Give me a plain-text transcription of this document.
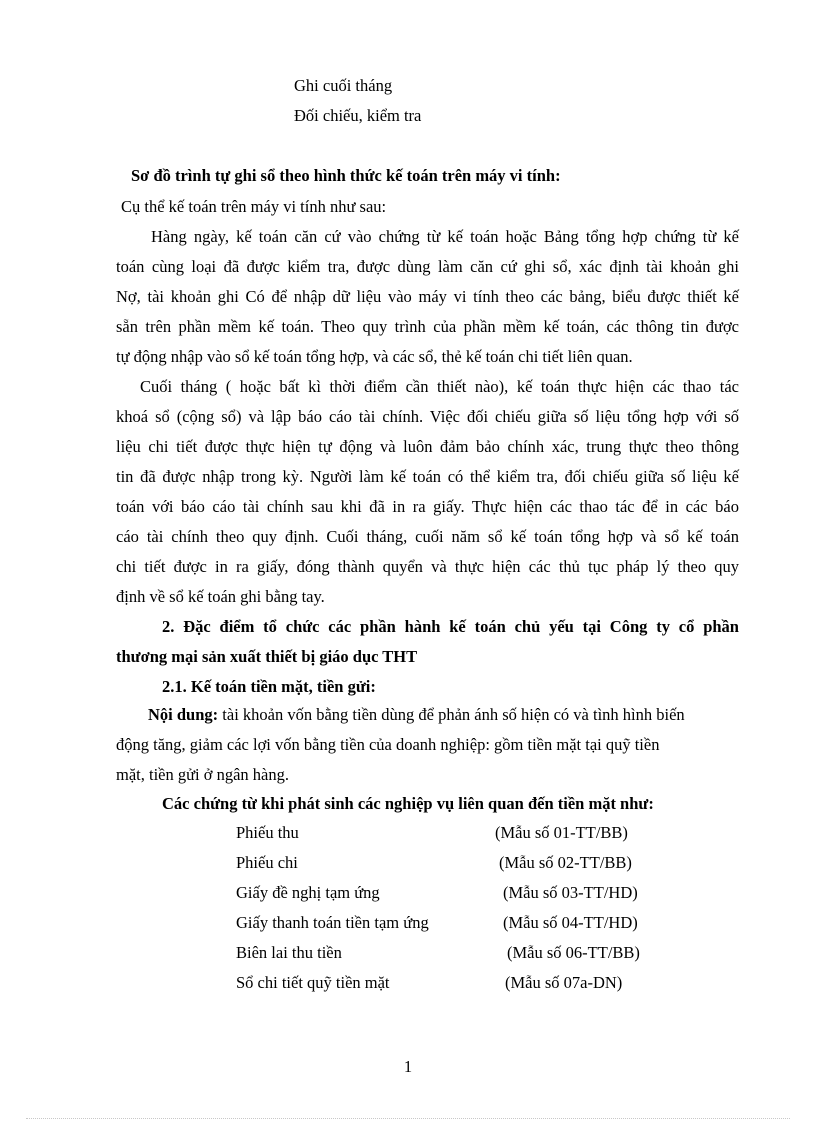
Ghi cuối tháng
Đối chiếu, kiểm tra
Sơ đồ trình tự ghi sổ theo hình thức kế toán trên máy vi tính:
Cụ thể kế toán trên máy vi tính như sau:
Hàng ngày, kế toán căn cứ vào chứng từ kế toán hoặc Bảng tổng hợp chứng từ kế
toán cùng loại đã được kiểm tra, được dùng làm căn cứ ghi sổ, xác định tài khoản ghi
Nợ, tài khoản ghi Có để nhập dữ liệu vào máy vi tính theo các bảng, biểu được thiết kế
sẵn trên phần mềm kế toán. Theo quy trình của phần mềm kế toán, các thông tin được
tự động nhập vào sổ kế toán tổng hợp, và các sổ, thẻ kế toán chi tiết liên quan.
Cuối tháng ( hoặc bất kì thời điểm cần thiết nào), kế toán thực hiện các thao tác
khoá sổ (cộng sổ) và lập báo cáo tài chính. Việc đối chiếu giữa số liệu tổng hợp với số
liệu chi tiết được thực hiện tự động và luôn đảm bảo chính xác, trung thực theo thông
tin đã được nhập trong kỳ. Người làm kế toán có thể kiểm tra, đối chiếu giữa số liệu kế
toán với báo cáo tài chính sau khi đã in ra giấy. Thực hiện các thao tác để in các báo
cáo tài chính theo quy định. Cuối tháng, cuối năm sổ kế toán tổng hợp và sổ kế toán
chi tiết được in ra giấy, đóng thành quyển và thực hiện các thủ tục pháp lý theo quy
định về sổ kế toán ghi bằng tay.
2. Đặc điểm tổ chức các phần hành kế toán chủ yếu tại Công ty cổ phần
thương mại sản xuất thiết bị giáo dục THT
2.1. Kế toán tiền mặt, tiền gửi:
Nội dung: tài khoản vốn bằng tiền dùng để phản ánh số hiện có và tình hình biến
động tăng, giảm các lợi vốn bằng tiền của doanh nghiệp: gồm tiền mặt tại quỹ tiền
mặt, tiền gửi ở ngân hàng.
Các chứng từ khi phát sinh các nghiệp vụ liên quan đến tiền mặt như:
Phiếu thu	(Mẫu số 01-TT/BB)
Phiếu chi	(Mẫu số 02-TT/BB)
Giấy đề nghị tạm ứng	(Mẫu số 03-TT/HD)
Giấy thanh toán tiền tạm ứng	(Mẫu số 04-TT/HD)
Biên lai thu tiền	(Mẫu số 06-TT/BB)
Sổ chi tiết quỹ tiền mặt	(Mẫu số 07a-DN)
1
